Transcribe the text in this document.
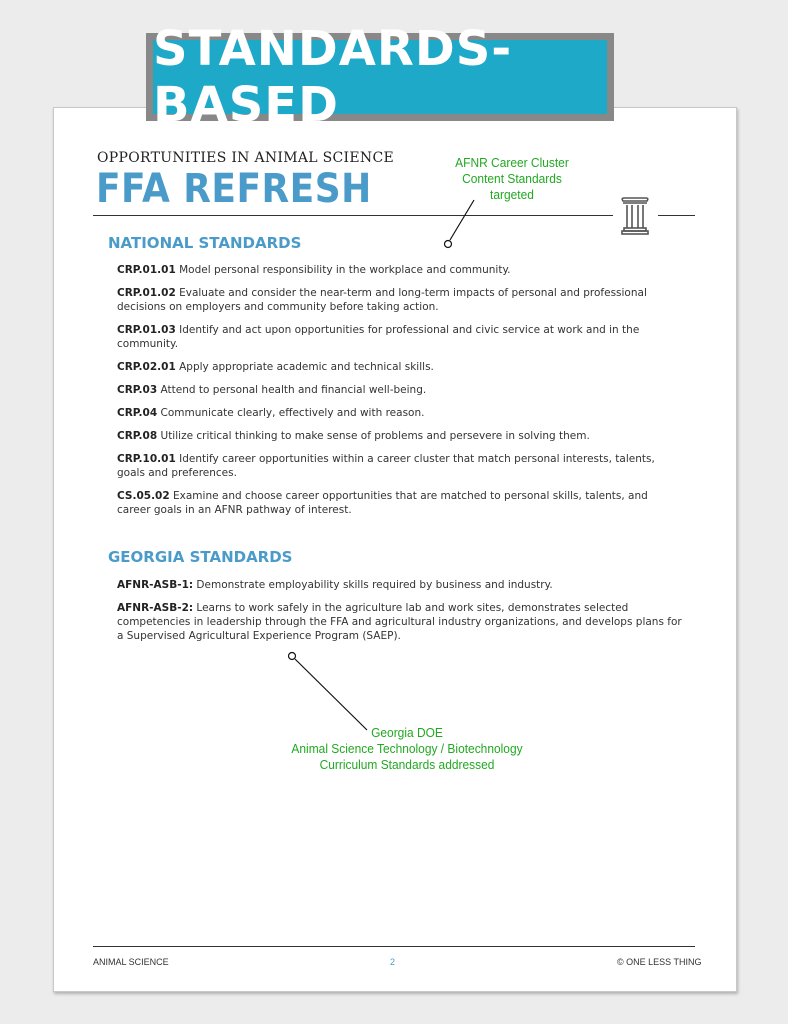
STANDARDS-BASED
OPPORTUNITIES IN ANIMAL SCIENCE
FFA REFRESH
NATIONAL STANDARDS
CRP.01.01 Model personal responsibility in the workplace and community.
CRP.01.02 Evaluate and consider the near-term and long-term impacts of personal and professional decisions on employers and community before taking action.
CRP.01.03 Identify and act upon opportunities for professional and civic service at work and in the community.
CRP.02.01 Apply appropriate academic and technical skills.
CRP.03 Attend to personal health and financial well-being.
CRP.04 Communicate clearly, effectively and with reason.
CRP.08 Utilize critical thinking to make sense of problems and persevere in solving them.
CRP.10.01 Identify career opportunities within a career cluster that match personal interests, talents, goals and preferences.
CS.05.02 Examine and choose career opportunities that are matched to personal skills, talents, and career goals in an AFNR pathway of interest.
GEORGIA STANDARDS
AFNR-ASB-1: Demonstrate employability skills required by business and industry.
AFNR-ASB-2: Learns to work safely in the agriculture lab and work sites, demonstrates selected competencies in leadership through the FFA and agricultural industry organizations, and develops plans for a Supervised Agricultural Experience Program (SAEP).
AFNR Career Cluster
Content Standards
targeted
Georgia DOE
Animal Science Technology / Biotechnology
Curriculum Standards addressed
ANIMAL SCIENCE	2	© ONE LESS THING
